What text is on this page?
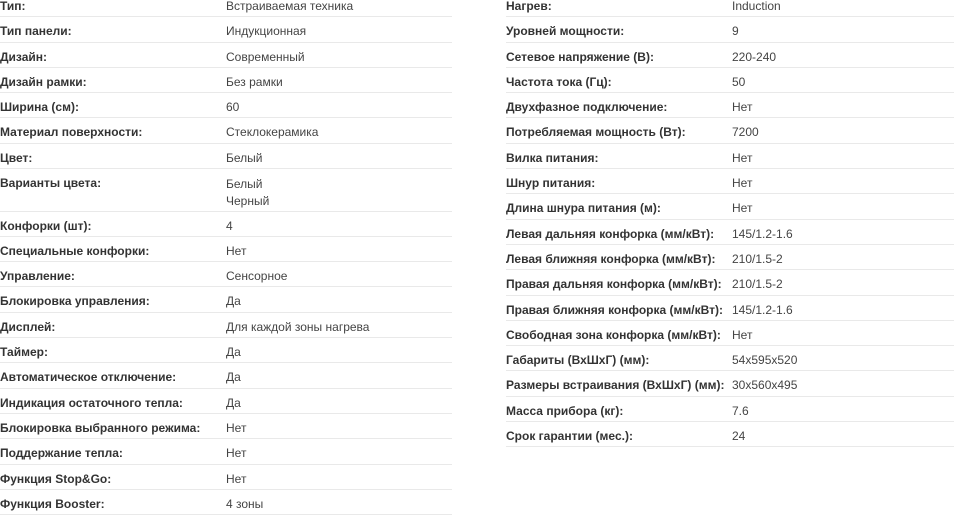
Тип:	Встраиваемая техника
Тип панели:	Индукционная
Дизайн:	Современный
Дизайн рамки:	Без рамки
Ширина (см):	60
Материал поверхности:	Стеклокерамика
Цвет:	Белый
Варианты цвета:	Белый
Черный
Конфорки (шт):	4
Специальные конфорки:	Нет
Управление:	Сенсорное
Блокировка управления:	Да
Дисплей:	Для каждой зоны нагрева
Таймер:	Да
Автоматическое отключение:	Да
Индикация остаточного тепла:	Да
Блокировка выбранного режима: Нет
Поддержание тепла:	Нет
Функция Stop&Go:	Нет
Функция Booster:	4 зоны
Нагрев:	Induction
Уровней мощности:	9
Сетевое напряжение (В):	220-240
Частота тока (Гц):	50
Двухфазное подключение:	Нет
Потребляемая мощность (Вт):	7200
Вилка питания:	Нет
Шнур питания:	Нет
Длина шнура питания (м):	Нет
Левая дальняя конфорка (мм/кВт): 145/1.2-1.6
Левая ближняя конфорка (мм/кВт): 210/1.5-2
Правая дальняя конфорка (мм/кВт): 210/1.5-2
Правая ближняя конфорка (мм/кВт): 145/1.2-1.6
Свободная зона конфорка (мм/кВт): Нет
Габариты (ВхШхГ) (мм):	54x595x520
Размеры встраивания (ВхШхГ) (мм): 30x560x495
Масса прибора (кг):	7.6
Срок гарантии (мес.):	24
